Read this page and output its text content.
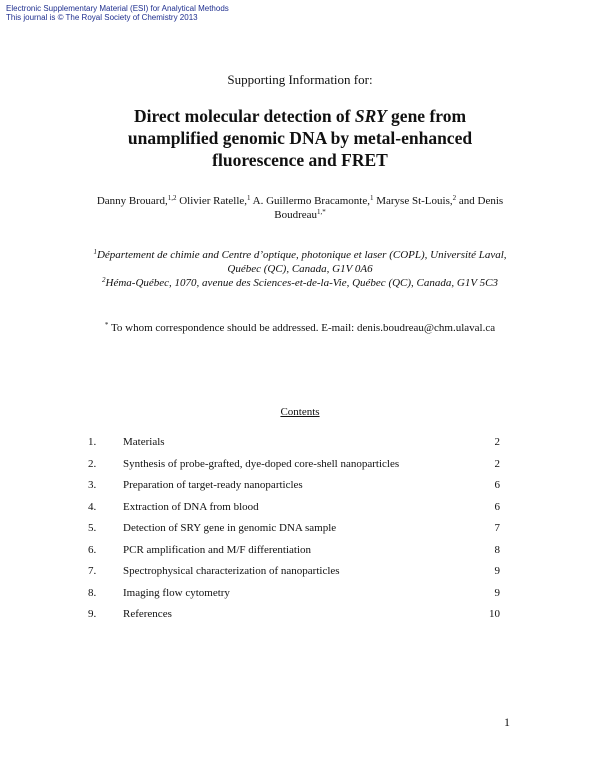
Electronic Supplementary Material (ESI) for Analytical Methods
This journal is © The Royal Society of Chemistry 2013
Supporting Information for:
Direct molecular detection of SRY gene from unamplified genomic DNA by metal-enhanced fluorescence and FRET
Danny Brouard,$^{1,2}$ Olivier Ratelle,$^1$ A. Guillermo Bracamonte,$^1$ Maryse St-Louis,$^2$ and Denis Boudreau$^{1,*}$
$^1$Département de chimie and Centre d’optique, photonique et laser (COPL), Université Laval, Québec (QC), Canada, G1V 0A6
$^2$Héma-Québec, 1070, avenue des Sciences-et-de-la-Vie, Québec (QC), Canada, G1V 5C3
* To whom correspondence should be addressed. E-mail: denis.boudreau@chm.ulaval.ca
Contents
1. Materials	2
2. Synthesis of probe-grafted, dye-doped core-shell nanoparticles	2
3. Preparation of target-ready nanoparticles	6
4. Extraction of DNA from blood	6
5. Detection of SRY gene in genomic DNA sample	7
6. PCR amplification and M/F differentiation	8
7. Spectrophysical characterization of nanoparticles	9
8. Imaging flow cytometry	9
9. References	10
1
